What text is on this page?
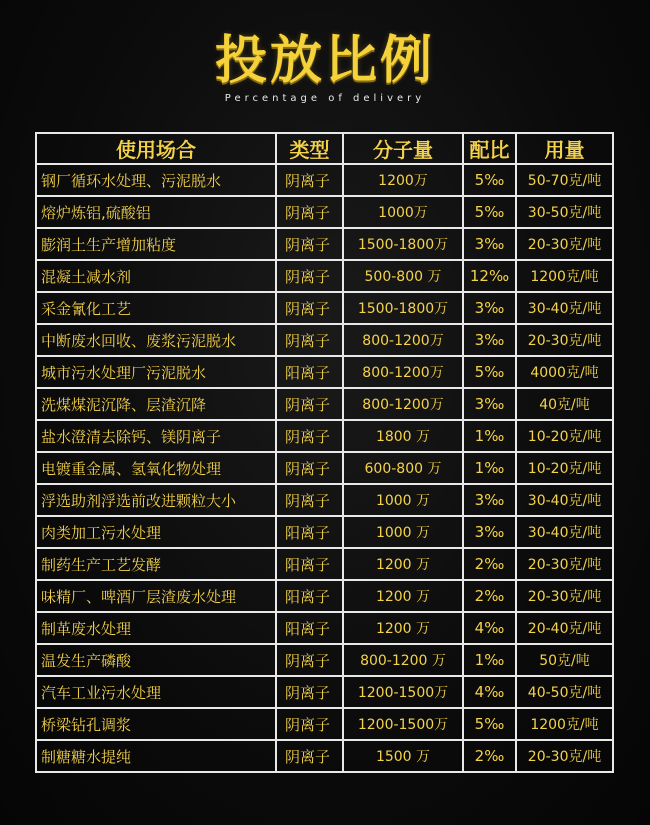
投放比例
Percentage of delivery
使用场合	类型	分子量	配比	用量
钢厂循环水处理、污泥脱水	阴离子	1200万	5‰	50-70克/吨
熔炉炼铝,硫酸铝	阴离子	1000万	5‰	30-50克/吨
膨润土生产增加粘度	阴离子	1500-1800万	3‰	20-30克/吨
混凝土减水剂	阴离子	500-800 万	12‰	1200克/吨
采金氰化工艺	阴离子	1500-1800万	3‰	30-40克/吨
中断废水回收、废浆污泥脱水	阴离子	800-1200万	3‰	20-30克/吨
城市污水处理厂污泥脱水	阳离子	800-1200万	5‰	4000克/吨
洗煤煤泥沉降、层渣沉降	阴离子	800-1200万	3‰	40克/吨
盐水澄清去除钙、镁阴离子	阴离子	1800 万	1‰	10-20克/吨
电镀重金属、氢氧化物处理	阴离子	600-800 万	1‰	10-20克/吨
浮选助剂浮选前改进颗粒大小	阴离子	1000 万	3‰	30-40克/吨
肉类加工污水处理	阳离子	1000 万	3‰	30-40克/吨
制药生产工艺发酵	阳离子	1200 万	2‰	20-30克/吨
味精厂、啤酒厂层渣废水处理	阳离子	1200 万	2‰	20-30克/吨
制革废水处理	阳离子	1200 万	4‰	20-40克/吨
温发生产磷酸	阴离子	800-1200 万	1‰	50克/吨
汽车工业污水处理	阴离子	1200-1500万	4‰	40-50克/吨
桥梁钻孔调浆	阴离子	1200-1500万	5‰	1200克/吨
制糖糖水提纯	阴离子	1500 万	2‰	20-30克/吨
